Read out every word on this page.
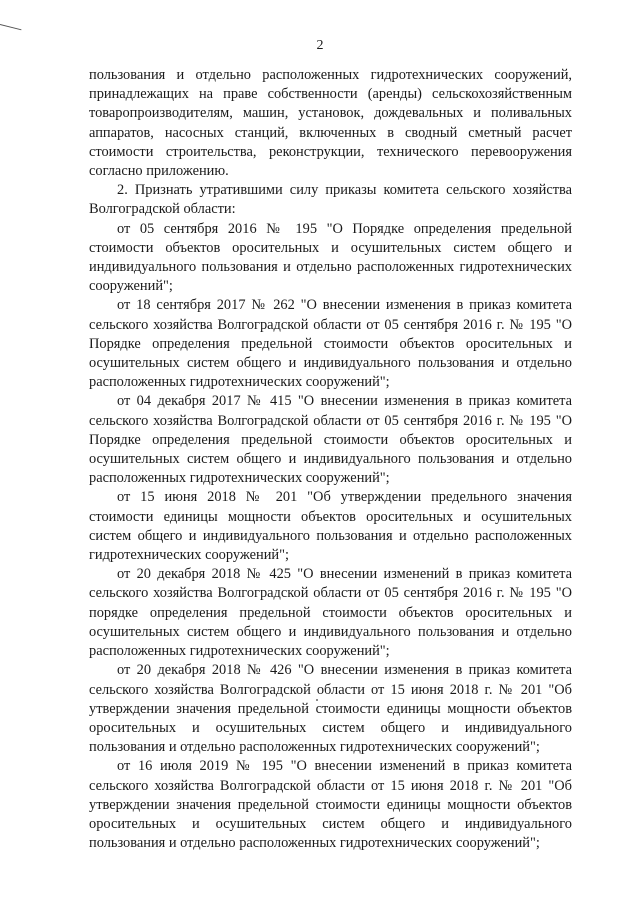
2

пользования и отдельно расположенных гидротехнических сооружений, принадлежащих на праве собственности (аренды) сельскохозяйственным товаропроизводителям, машин, установок, дождевальных и поливальных аппаратов, насосных станций, включенных в сводный сметный расчет стоимости строительства, реконструкции, технического перевооружения согласно приложению.

2. Признать утратившими силу приказы комитета сельского хозяйства Волгоградской области:

от 05 сентября 2016 № 195 "О Порядке определения предельной стоимости объектов оросительных и осушительных систем общего и индивидуального пользования и отдельно расположенных гидротехнических сооружений";

от 18 сентября 2017 № 262 "О внесении изменения в приказ комитета сельского хозяйства Волгоградской области от 05 сентября 2016 г. № 195 "О Порядке определения предельной стоимости объектов оросительных и осушительных систем общего и индивидуального пользования и отдельно расположенных гидротехнических сооружений";

от 04 декабря 2017 № 415 "О внесении изменения в приказ комитета сельского хозяйства Волгоградской области от 05 сентября 2016 г. № 195 "О Порядке определения предельной стоимости объектов оросительных и осушительных систем общего и индивидуального пользования и отдельно расположенных гидротехнических сооружений";

от 15 июня 2018 № 201 "Об утверждении предельного значения стоимости единицы мощности объектов оросительных и осушительных систем общего и индивидуального пользования и отдельно расположенных гидротехнических сооружений";

от 20 декабря 2018 № 425 "О внесении изменений в приказ комитета сельского хозяйства Волгоградской области от 05 сентября 2016 г. № 195 "О порядке определения предельной стоимости объектов оросительных и осушительных систем общего и индивидуального пользования и отдельно расположенных гидротехнических сооружений";

от 20 декабря 2018 № 426 "О внесении изменения в приказ комитета сельского хозяйства Волгоградской области от 15 июня 2018 г. № 201 "Об утверждении значения предельной стоимости единицы мощности объектов оросительных и осушительных систем общего и индивидуального пользования и отдельно расположенных гидротехнических сооружений";

от 16 июля 2019 № 195 "О внесении изменений в приказ комитета сельского хозяйства Волгоградской области от 15 июня 2018 г. № 201 "Об утверждении значения предельной стоимости единицы мощности объектов оросительных и осушительных систем общего и индивидуального пользования и отдельно расположенных гидротехнических сооружений";
